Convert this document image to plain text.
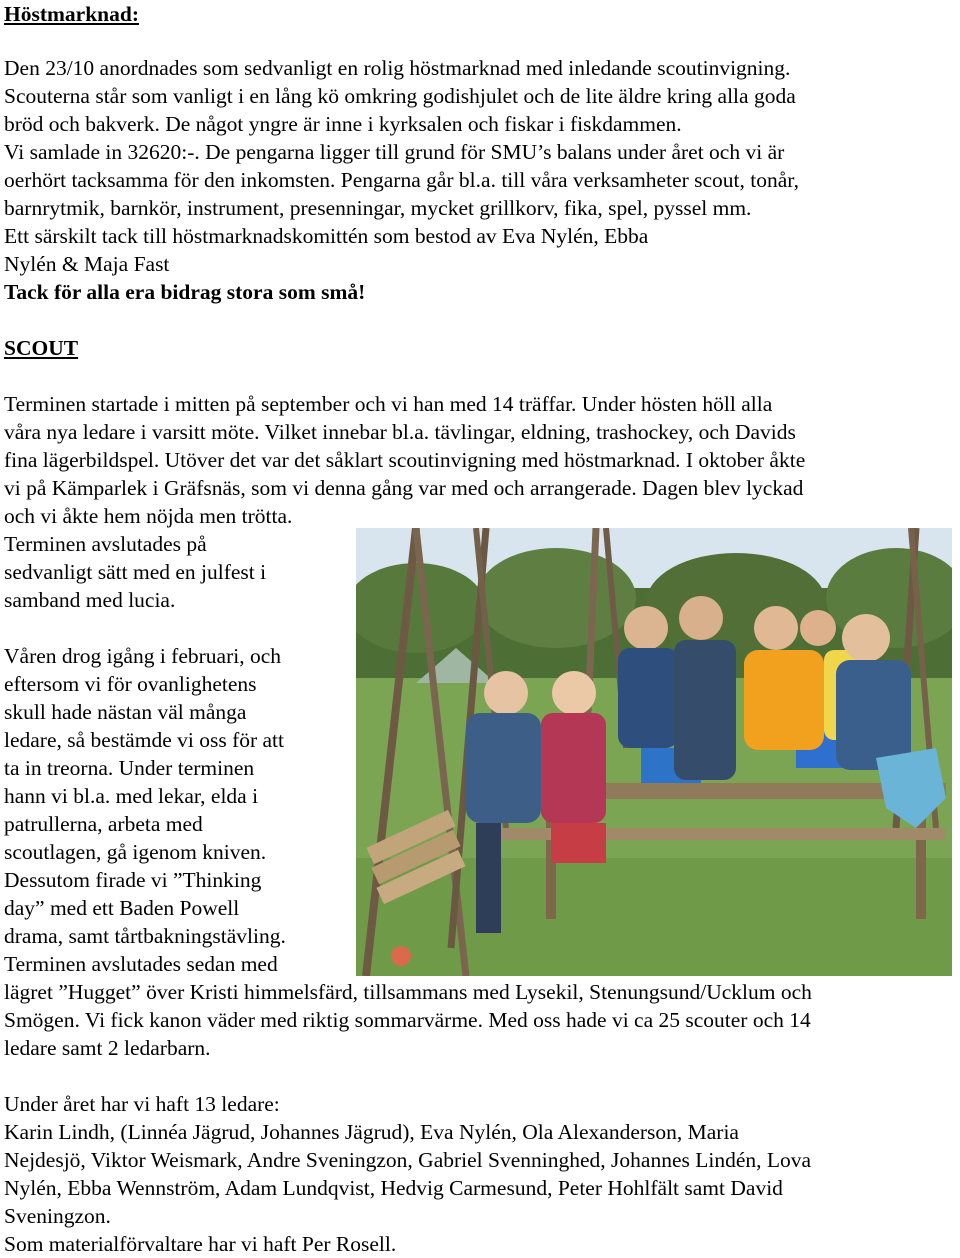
Höstmarknad:
Den 23/10 anordnades som sedvanligt en rolig höstmarknad med inledande scoutinvigning.
Scouterna står som vanligt i en lång kö omkring godishjulet och de lite äldre kring alla goda
bröd och bakverk. De något yngre är inne i kyrksalen och fiskar i fiskdammen.
Vi samlade in 32620:-. De pengarna ligger till grund för SMU’s balans under året och vi är
oerhört tacksamma för den inkomsten. Pengarna går bl.a. till våra verksamheter scout, tonår,
barnrytmik, barnkör, instrument, presenningar, mycket grillkorv, fika, spel, pyssel mm.
Ett särskilt tack till höstmarknadskomittén som bestod av Eva Nylén, Ebba
Nylén & Maja Fast
Tack för alla era bidrag stora som små!
SCOUT
Terminen startade i mitten på september och vi han med 14 träffar. Under hösten höll alla
våra nya ledare i varsitt möte. Vilket innebar bl.a. tävlingar, eldning, trashockey, och Davids
fina lägerbildspel. Utöver det var det såklart scoutinvigning med höstmarknad. I oktober åkte
vi på Kämparlek i Gräfsnäs, som vi denna gång var med och arrangerade. Dagen blev lyckad
och vi åkte hem nöjda men trötta.
Terminen avslutades på
sedvanligt sätt med en julfest i
samband med lucia.
Våren drog igång i februari, och
eftersom vi för ovanlighetens
skull hade nästan väl många
ledare, så bestämde vi oss för att
ta in treorna. Under terminen
hann vi bl.a. med lekar, elda i
patrullerna, arbeta med
scoutlagen, gå igenom kniven.
Dessutom firade vi ”Thinking
day” med ett Baden Powell
drama, samt tårtbakningstävling.
Terminen avslutades sedan med
lägret ”Hugget” över Kristi himmelsfärd, tillsammans med Lysekil, Stenungsund/Ucklum och
Smögen. Vi fick kanon väder med riktig sommarvärme. Med oss hade vi ca 25 scouter och 14
ledare samt 2 ledarbarn.
Under året har vi haft 13 ledare:
Karin Lindh, (Linnéa Jägrud, Johannes Jägrud), Eva Nylén, Ola Alexanderson, Maria
Nejdesjö, Viktor Weismark, Andre Sveningzon, Gabriel Svenninghed, Johannes Lindén, Lova
Nylén, Ebba Wennström, Adam Lundqvist, Hedvig Carmesund, Peter Hohlfält samt David
Sveningzon.
Som materialförvaltare har vi haft Per Rosell.
